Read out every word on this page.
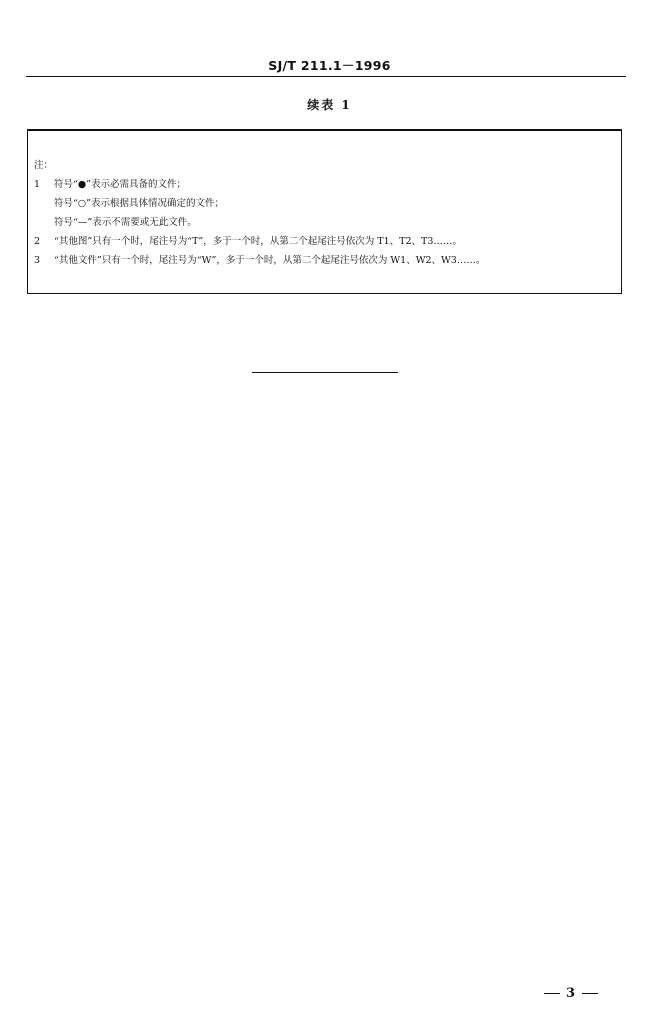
SJ/T 211.1－1996
续表 1
注：
1 符号“●”表示必需具备的文件；
符号“○”表示根据具体情况确定的文件；
符号“—”表示不需要或无此文件。
2 “其他图”只有一个时，尾注号为“T”，多于一个时，从第二个起尾注号依次为 T1、T2、T3……。
3 “其他文件”只有一个时，尾注号为“W”，多于一个时，从第二个起尾注号依次为 W1、W2、W3……。
3
